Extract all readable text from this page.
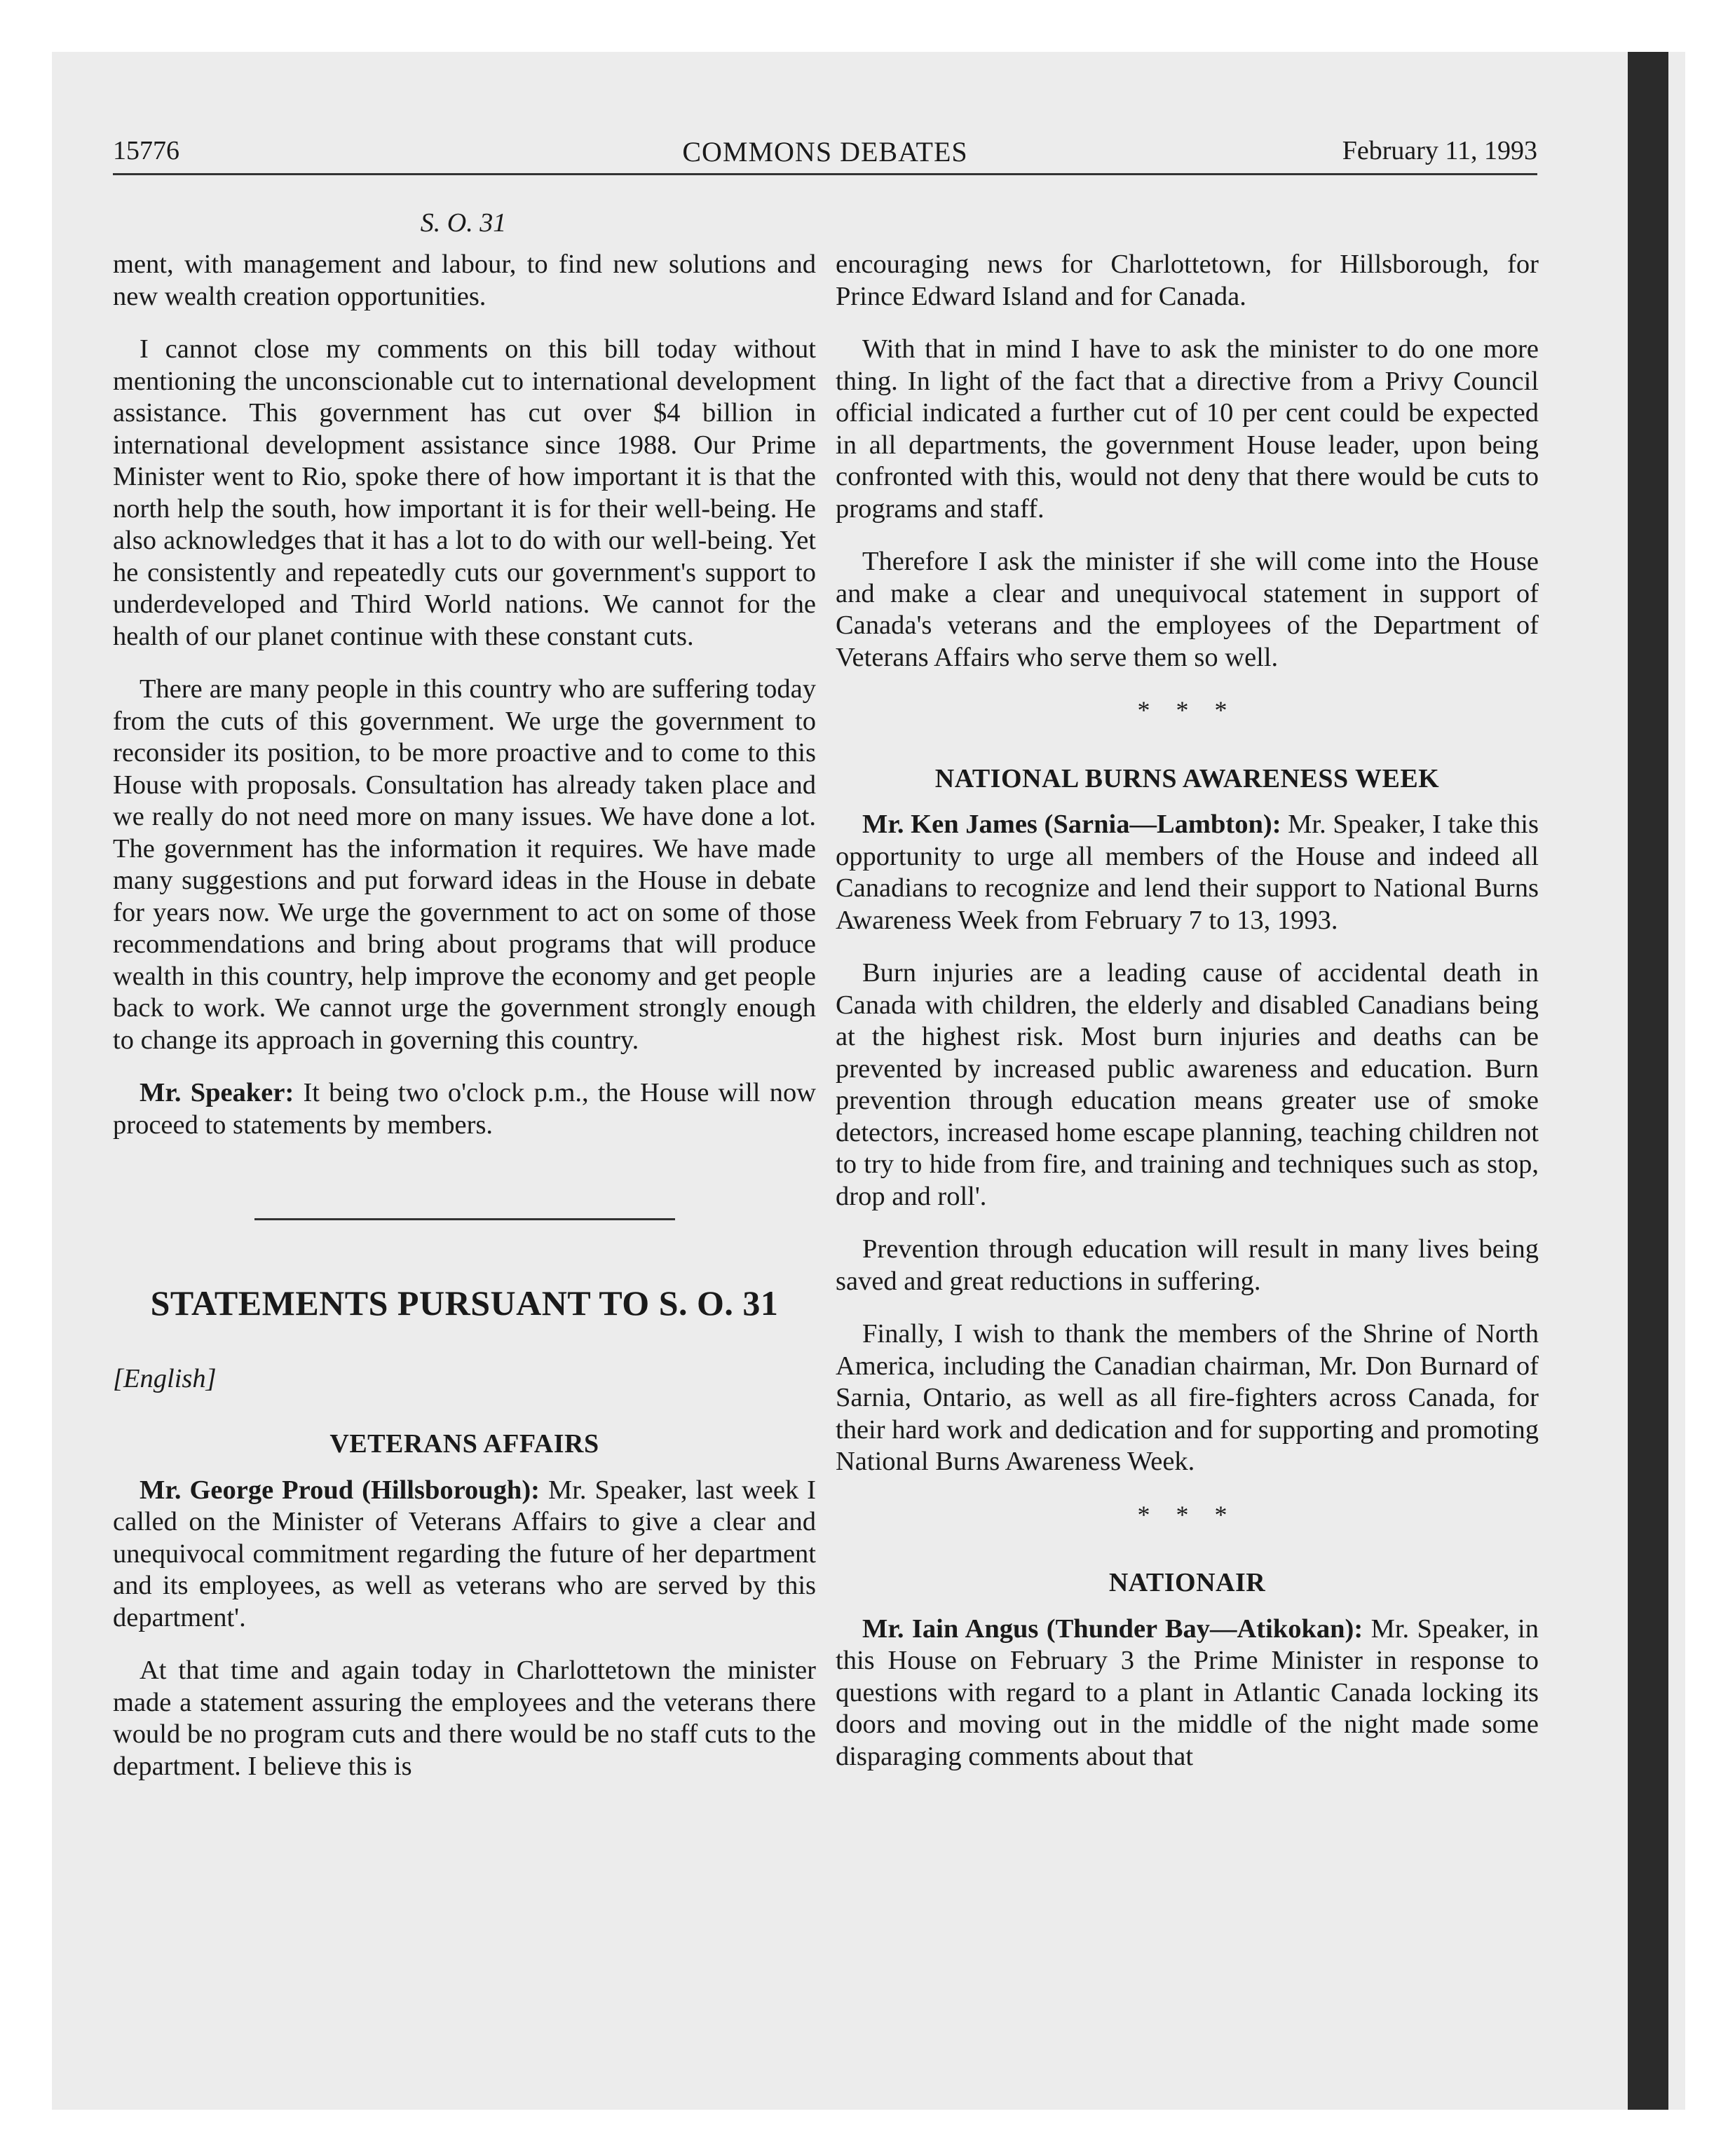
15776	COMMONS DEBATES	February 11, 1993
S. O. 31

ment, with management and labour, to find new solutions and new wealth creation opportunities.

I cannot close my comments on this bill today without mentioning the unconscionable cut to international development assistance. This government has cut over $4 billion in international development assistance since 1988. Our Prime Minister went to Rio, spoke there of how important it is that the north help the south, how important it is for their well-being. He also acknowledges that it has a lot to do with our well-being. Yet he consistently and repeatedly cuts our government's support to underdeveloped and Third World nations. We cannot for the health of our planet continue with these constant cuts.

There are many people in this country who are suffering today from the cuts of this government. We urge the government to reconsider its position, to be more proactive and to come to this House with proposals. Consultation has already taken place and we really do not need more on many issues. We have done a lot. The government has the information it requires. We have made many suggestions and put forward ideas in the House in debate for years now. We urge the government to act on some of those recommendations and bring about programs that will produce wealth in this country, help improve the economy and get people back to work. We cannot urge the government strongly enough to change its approach in governing this country.

Mr. Speaker: It being two o'clock p.m., the House will now proceed to statements by members.

STATEMENTS PURSUANT TO S. O. 31
[English]
VETERANS AFFAIRS

Mr. George Proud (Hillsborough): Mr. Speaker, last week I called on the Minister of Veterans Affairs to give a clear and unequivocal commitment regarding the future of her department and its employees, as well as veterans who are served by this department'.

At that time and again today in Charlottetown the minister made a statement assuring the employees and the veterans there would be no program cuts and there would be no staff cuts to the department. I believe this is

encouraging news for Charlottetown, for Hillsborough, for Prince Edward Island and for Canada.

With that in mind I have to ask the minister to do one more thing. In light of the fact that a directive from a Privy Council official indicated a further cut of 10 per cent could be expected in all departments, the government House leader, upon being confronted with this, would not deny that there would be cuts to programs and staff.

Therefore I ask the minister if she will come into the House and make a clear and unequivocal statement in support of Canada's veterans and the employees of the Department of Veterans Affairs who serve them so well.

* * *
NATIONAL BURNS AWARENESS WEEK

Mr. Ken James (Sarnia—Lambton): Mr. Speaker, I take this opportunity to urge all members of the House and indeed all Canadians to recognize and lend their support to National Burns Awareness Week from February 7 to 13, 1993.

Burn injuries are a leading cause of accidental death in Canada with children, the elderly and disabled Canadians being at the highest risk. Most burn injuries and deaths can be prevented by increased public awareness and education. Burn prevention through education means greater use of smoke detectors, increased home escape planning, teaching children not to try to hide from fire, and training and techniques such as stop, drop and roll'.

Prevention through education will result in many lives being saved and great reductions in suffering.

Finally, I wish to thank the members of the Shrine of North America, including the Canadian chairman, Mr. Don Burnard of Sarnia, Ontario, as well as all fire-fighters across Canada, for their hard work and dedication and for supporting and promoting National Burns Awareness Week.

* * *
NATIONAIR

Mr. Iain Angus (Thunder Bay—Atikokan): Mr. Speaker, in this House on February 3 the Prime Minister in response to questions with regard to a plant in Atlantic Canada locking its doors and moving out in the middle of the night made some disparaging comments about that
